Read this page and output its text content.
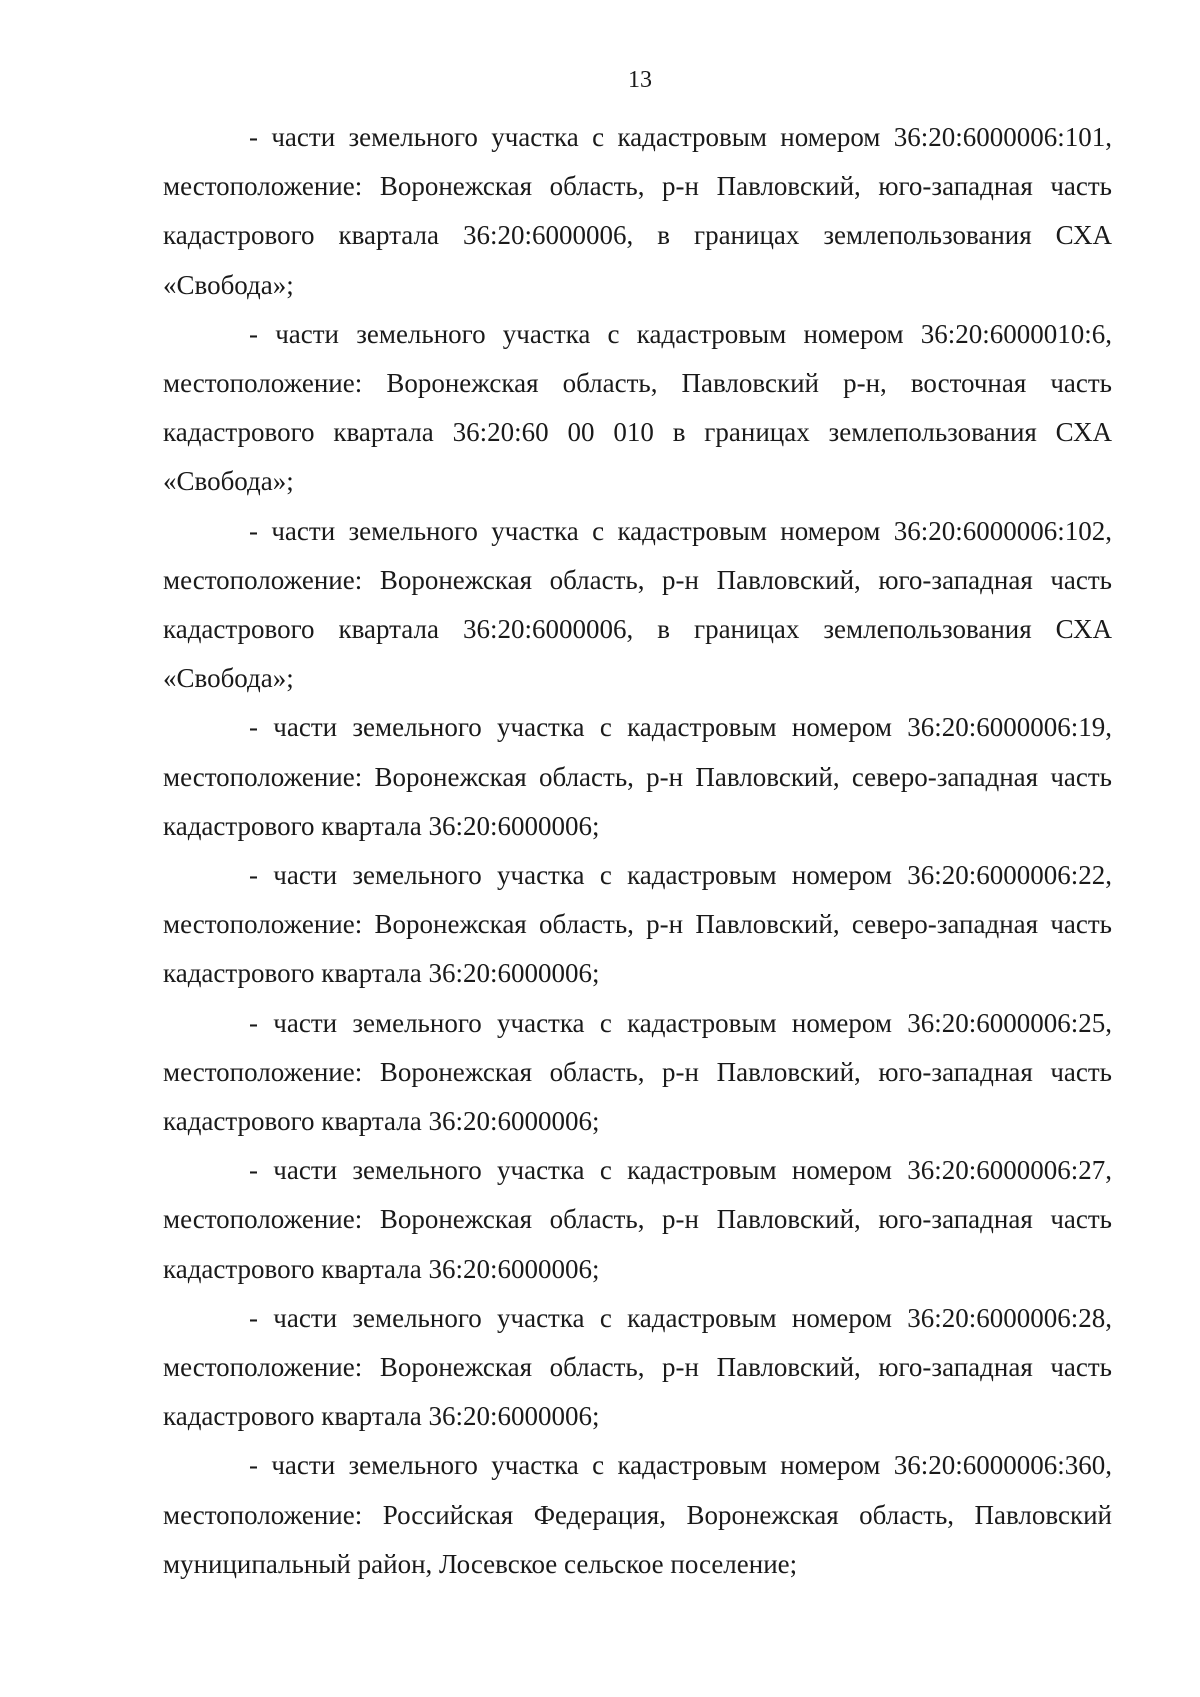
13

- части земельного участка с кадастровым номером 36:20:6000006:101, местоположение: Воронежская область, р-н Павловский, юго-западная часть кадастрового квартала 36:20:6000006, в границах землепользования СХА «Свобода»;

- части земельного участка с кадастровым номером 36:20:6000010:6, местоположение: Воронежская область, Павловский р-н, восточная часть кадастрового квартала 36:20:60 00 010 в границах землепользования СХА «Свобода»;

- части земельного участка с кадастровым номером 36:20:6000006:102, местоположение: Воронежская область, р-н Павловский, юго-западная часть кадастрового квартала 36:20:6000006, в границах землепользования СХА «Свобода»;

- части земельного участка с кадастровым номером 36:20:6000006:19, местоположение: Воронежская область, р-н Павловский, северо-западная часть кадастрового квартала 36:20:6000006;

- части земельного участка с кадастровым номером 36:20:6000006:22, местоположение: Воронежская область, р-н Павловский, северо-западная часть кадастрового квартала 36:20:6000006;

- части земельного участка с кадастровым номером 36:20:6000006:25, местоположение: Воронежская область, р-н Павловский, юго-западная часть кадастрового квартала 36:20:6000006;

- части земельного участка с кадастровым номером 36:20:6000006:27, местоположение: Воронежская область, р-н Павловский, юго-западная часть кадастрового квартала 36:20:6000006;

- части земельного участка с кадастровым номером 36:20:6000006:28, местоположение: Воронежская область, р-н Павловский, юго-западная часть кадастрового квартала 36:20:6000006;

- части земельного участка с кадастровым номером 36:20:6000006:360, местоположение: Российская Федерация, Воронежская область, Павловский муниципальный район, Лосевское сельское поселение;
